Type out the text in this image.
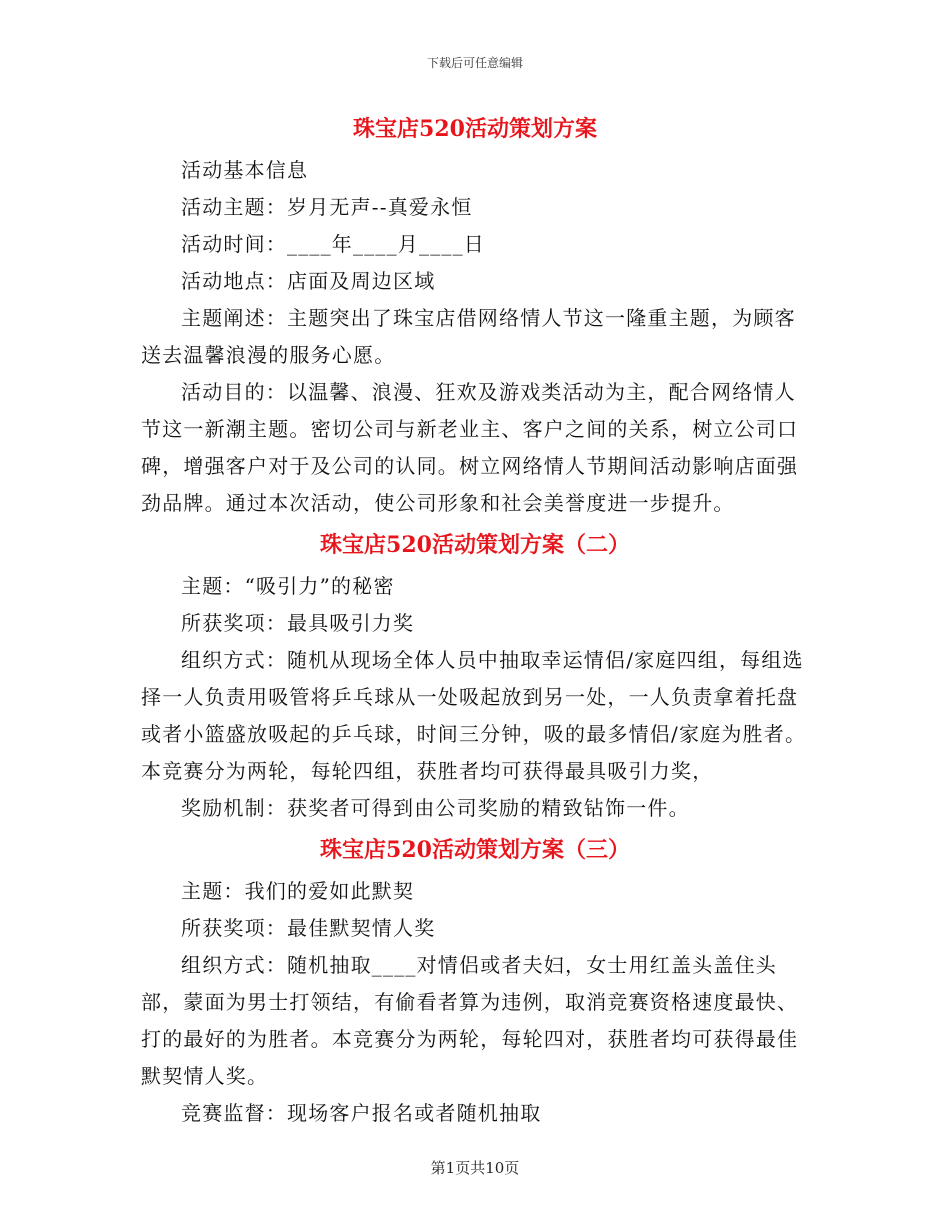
下载后可任意编辑
珠宝店520活动策划方案

活动基本信息

活动主题：岁月无声--真爱永恒

活动时间：____年____月____日

活动地点：店面及周边区域

主题阐述：主题突出了珠宝店借网络情人节这一隆重主题，为顾客送去温馨浪漫的服务心愿。

活动目的：以温馨、浪漫、狂欢及游戏类活动为主，配合网络情人节这一新潮主题。密切公司与新老业主、客户之间的关系，树立公司口碑，增强客户对于及公司的认同。树立网络情人节期间活动影响店面强劲品牌。通过本次活动，使公司形象和社会美誉度进一步提升。

珠宝店520活动策划方案（二）

主题：“吸引力”的秘密

所获奖项：最具吸引力奖

组织方式：随机从现场全体人员中抽取幸运情侣/家庭四组，每组选择一人负责用吸管将乒乓球从一处吸起放到另一处，一人负责拿着托盘或者小篮盛放吸起的乒乓球，时间三分钟，吸的最多情侣/家庭为胜者。本竞赛分为两轮，每轮四组，获胜者均可获得最具吸引力奖，

奖励机制：获奖者可得到由公司奖励的精致钻饰一件。

珠宝店520活动策划方案（三）

主题：我们的爱如此默契

所获奖项：最佳默契情人奖

组织方式：随机抽取____对情侣或者夫妇，女士用红盖头盖住头部，蒙面为男士打领结，有偷看者算为违例，取消竞赛资格速度最快、打的最好的为胜者。本竞赛分为两轮，每轮四对，获胜者均可获得最佳默契情人奖。

竞赛监督：现场客户报名或者随机抽取

第1页共10页
